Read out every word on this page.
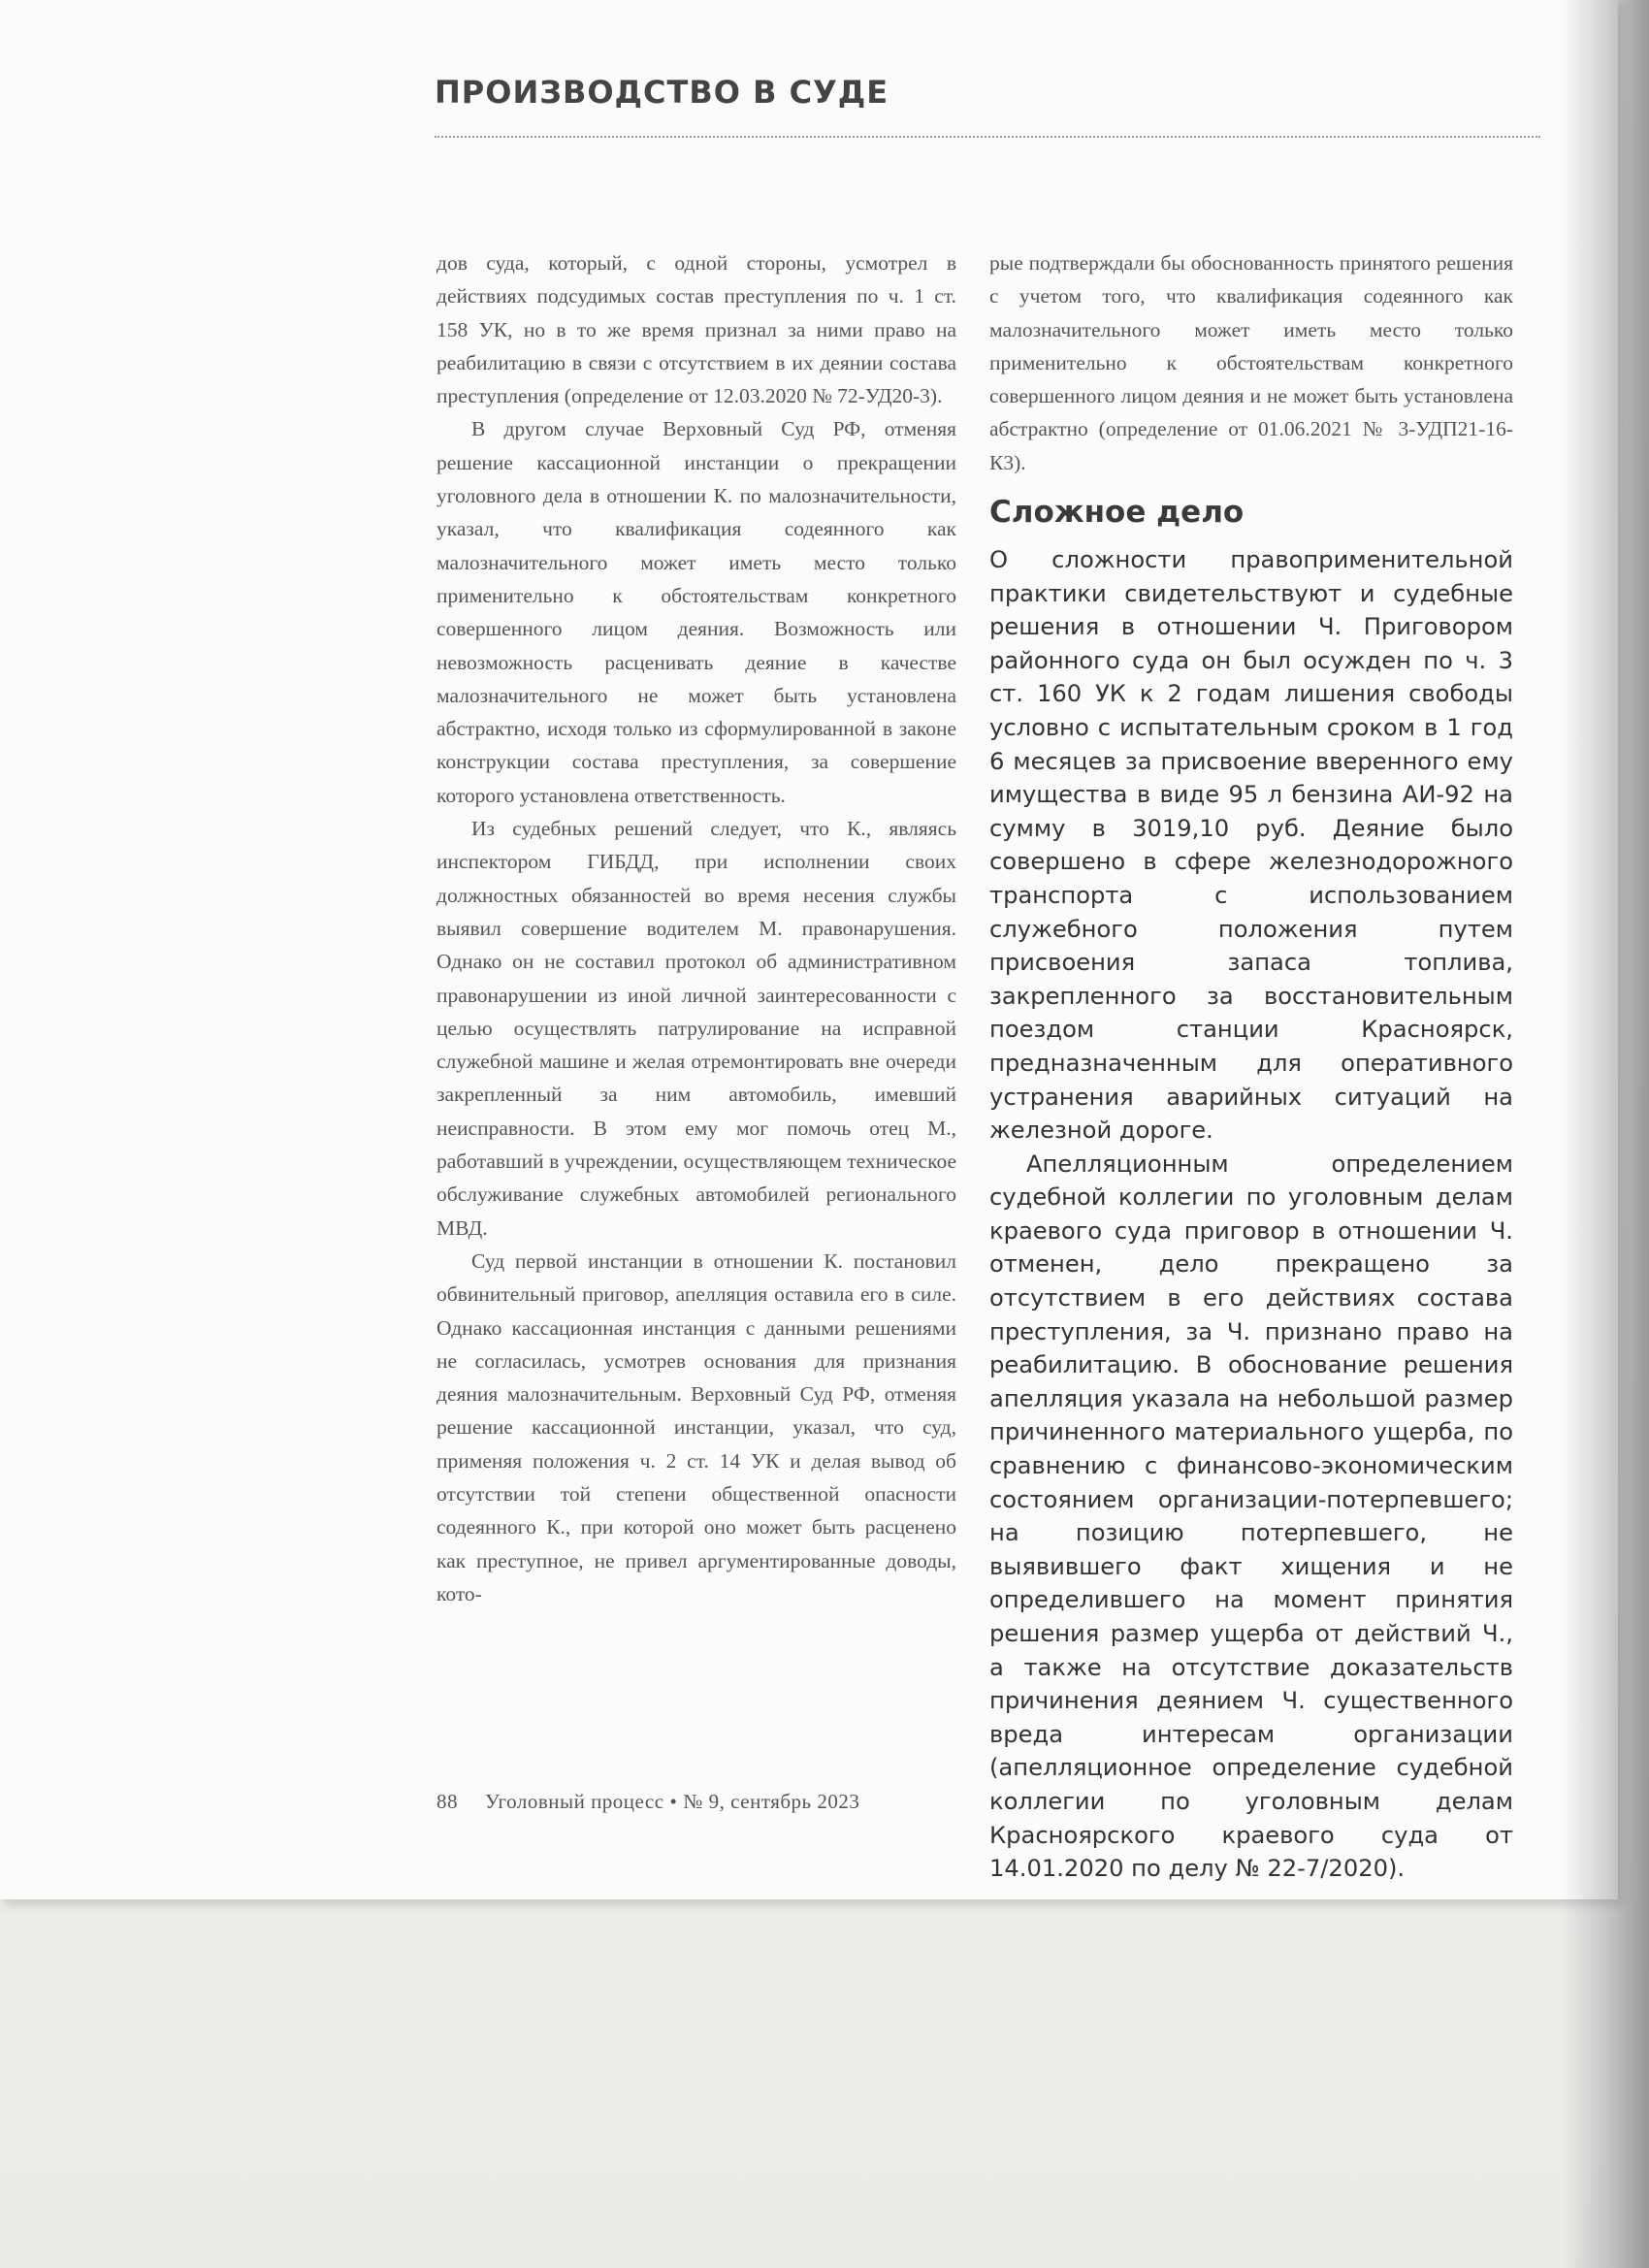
ПРОИЗВОДСТВО В СУДЕ

дов суда, который, с одной стороны, усмотрел в действиях подсудимых состав преступления по ч. 1 ст. 158 УК, но в то же время признал за ними право на реабилитацию в связи с отсутствием в их деянии состава преступления (определение от 12.03.2020 № 72-УД20-3).

В другом случае Верховный Суд РФ, отменяя решение кассационной инстанции о прекращении уголовного дела в отношении К. по малозначительности, указал, что квалификация содеянного как малозначительного может иметь место только применительно к обстоятельствам конкретного совершенного лицом деяния. Возможность или невозможность расценивать деяние в качестве малозначительного не может быть установлена абстрактно, исходя только из сформулированной в законе конструкции состава преступления, за совершение которого установлена ответственность.

Из судебных решений следует, что К., являясь инспектором ГИБДД, при исполнении своих должностных обязанностей во время несения службы выявил совершение водителем М. правонарушения. Однако он не составил протокол об административном правонарушении из иной личной заинтересованности с целью осуществлять патрулирование на исправной служебной машине и желая отремонтировать вне очереди закрепленный за ним автомобиль, имевший неисправности. В этом ему мог помочь отец М., работавший в учреждении, осуществляющем техническое обслуживание служебных автомобилей регионального МВД.

Суд первой инстанции в отношении К. постановил обвинительный приговор, апелляция оставила его в силе. Однако кассационная инстанция с данными решениями не согласилась, усмотрев основания для признания деяния малозначительным. Верховный Суд РФ, отменяя решение кассационной инстанции, указал, что суд, применяя положения ч. 2 ст. 14 УК и делая вывод об отсутствии той степени общественной опасности содеянного К., при которой оно может быть расценено как преступное, не привел аргументированные доводы, кото-

рые подтверждали бы обоснованность принятого решения с учетом того, что квалификация содеянного как малозначительного может иметь место только применительно к обстоятельствам конкретного совершенного лицом деяния и не может быть установлена абстрактно (определение от 01.06.2021 № 3-УДП21-16-К3).

Сложное дело

О сложности правоприменительной практики свидетельствуют и судебные решения в отношении Ч. Приговором районного суда он был осужден по ч. 3 ст. 160 УК к 2 годам лишения свободы условно с испытательным сроком в 1 год 6 месяцев за присвоение вверенного ему имущества в виде 95 л бензина АИ-92 на сумму в 3019,10 руб. Деяние было совершено в сфере железнодорожного транспорта с использованием служебного положения путем присвоения запаса топлива, закрепленного за восстановительным поездом станции Красноярск, предназначенным для оперативного устранения аварийных ситуаций на железной дороге.

Апелляционным определением судебной коллегии по уголовным делам краевого суда приговор в отношении Ч. отменен, дело прекращено за отсутствием в его действиях состава преступления, за Ч. признано право на реабилитацию. В обоснование решения апелляция указала на небольшой размер причиненного материального ущерба, по сравнению с финансово-экономическим состоянием организации-потерпевшего; на позицию потерпевшего, не выявившего факт хищения и не определившего на момент принятия решения размер ущерба от действий Ч., а также на отсутствие доказательств причинения деянием Ч. существенного вреда интересам организации (апелляционное определение судебной коллегии по уголовным делам Красноярского краевого суда от 14.01.2020 по делу № 22-7/2020).

88 Уголовный процесс • № 9, сентябрь 2023
